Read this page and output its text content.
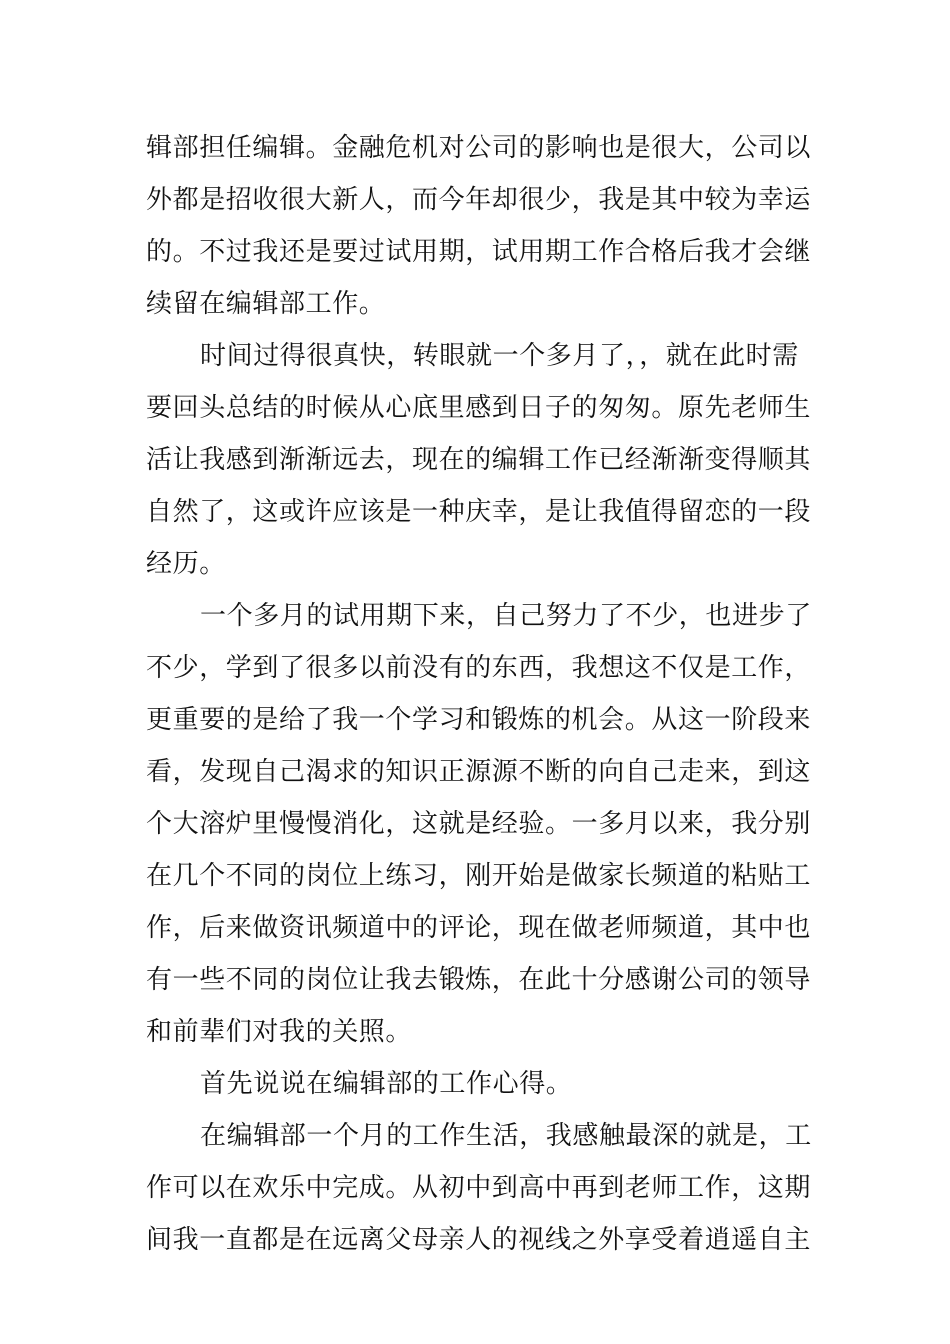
辑部担任编辑。金融危机对公司的影响也是很大，公司以
外都是招收很大新人，而今年却很少，我是其中较为幸运
的。不过我还是要过试用期，试用期工作合格后我才会继
续留在编辑部工作。
时间过得很真快，转眼就一个多月了，，就在此时需
要回头总结的时候从心底里感到日子的匆匆。原先老师生
活让我感到渐渐远去，现在的编辑工作已经渐渐变得顺其
自然了，这或许应该是一种庆幸，是让我值得留恋的一段
经历。
一个多月的试用期下来，自己努力了不少，也进步了
不少，学到了很多以前没有的东西，我想这不仅是工作，
更重要的是给了我一个学习和锻炼的机会。从这一阶段来
看，发现自己渴求的知识正源源不断的向自己走来，到这
个大溶炉里慢慢消化，这就是经验。一多月以来，我分别
在几个不同的岗位上练习，刚开始是做家长频道的粘贴工
作，后来做资讯频道中的评论，现在做老师频道，其中也
有一些不同的岗位让我去锻炼，在此十分感谢公司的领导
和前辈们对我的关照。
首先说说在编辑部的工作心得。
在编辑部一个月的工作生活，我感触最深的就是，工
作可以在欢乐中完成。从初中到高中再到老师工作，这期
间我一直都是在远离父母亲人的视线之外享受着逍遥自主
